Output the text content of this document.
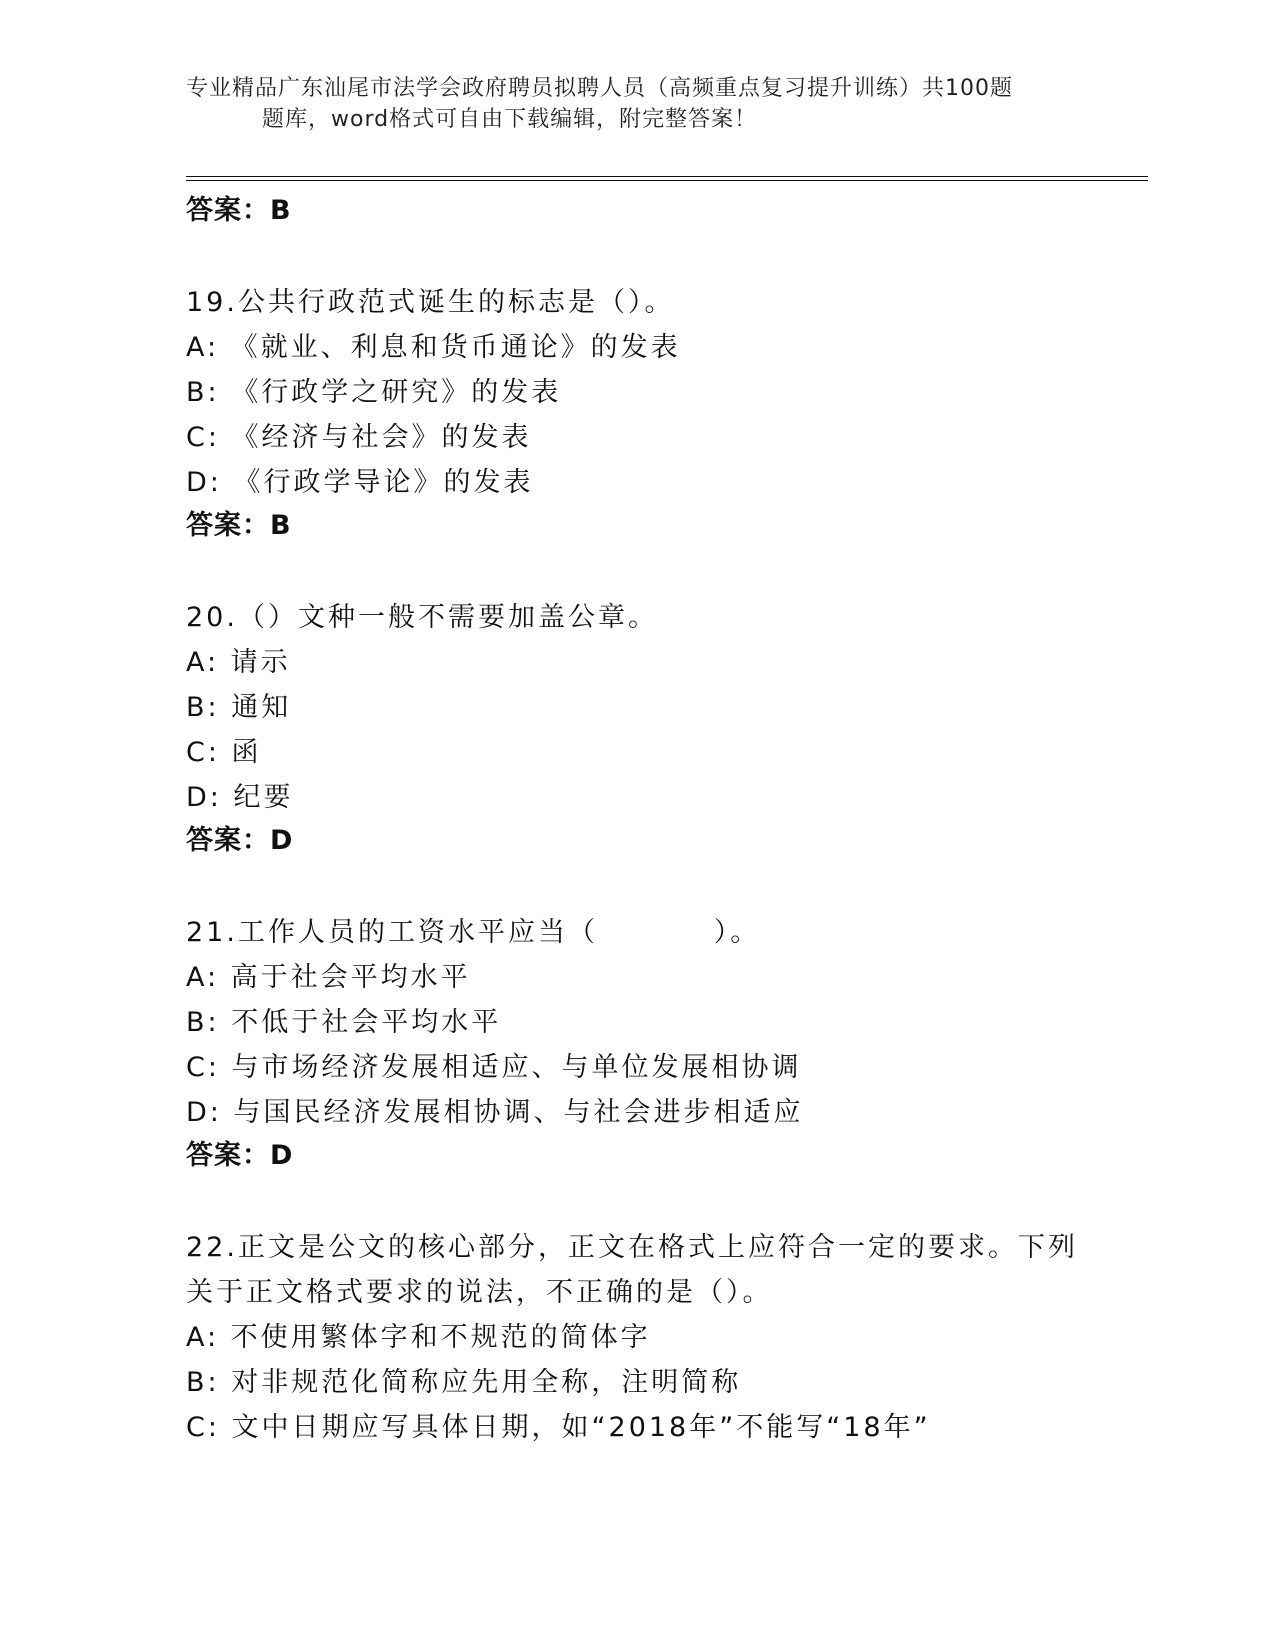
专业精品广东汕尾市法学会政府聘员拟聘人员（高频重点复习提升训练）共100题
题库，word格式可自由下载编辑，附完整答案！
答案：B
19.公共行政范式诞生的标志是（）。
A: 《就业、利息和货币通论》的发表
B: 《行政学之研究》的发表
C: 《经济与社会》的发表
D: 《行政学导论》的发表
答案：B
20.（）文种一般不需要加盖公章。
A: 请示
B: 通知
C: 函
D: 纪要
答案：D
21.工作人员的工资水平应当（          ）。
A: 高于社会平均水平
B: 不低于社会平均水平
C: 与市场经济发展相适应、与单位发展相协调
D: 与国民经济发展相协调、与社会进步相适应
答案：D
22.正文是公文的核心部分，正文在格式上应符合一定的要求。下列关于正文格式要求的说法，不正确的是（）。
A: 不使用繁体字和不规范的简体字
B: 对非规范化简称应先用全称，注明简称
C: 文中日期应写具体日期，如“2018年”不能写“18年”
